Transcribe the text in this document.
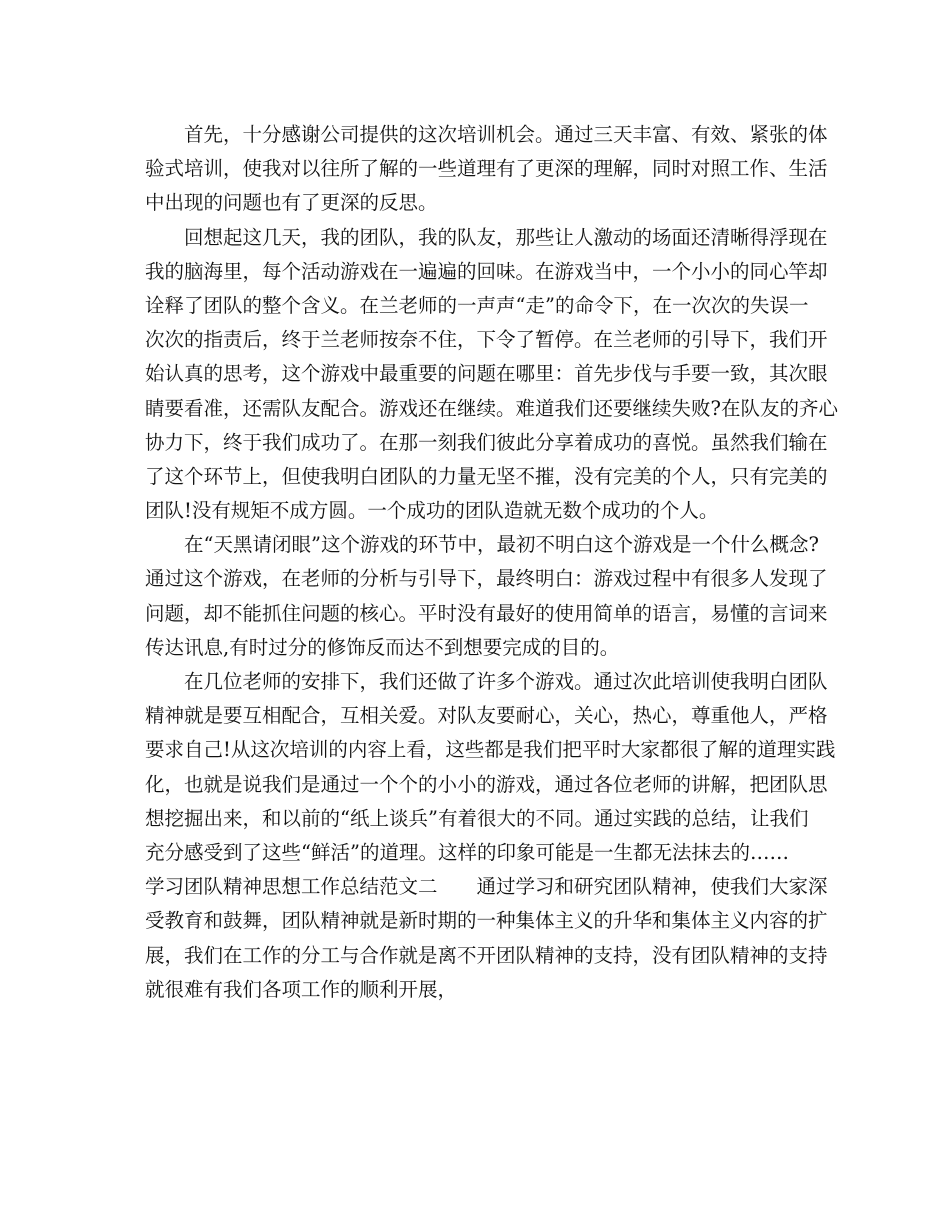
　　首先，十分感谢公司提供的这次培训机会。通过三天丰富、有效、紧张的体
验式培训，使我对以往所了解的一些道理有了更深的理解，同时对照工作、生活
中出现的问题也有了更深的反思。
　　回想起这几天，我的团队，我的队友，那些让人激动的场面还清晰得浮现在
我的脑海里，每个活动游戏在一遍遍的回味。在游戏当中，一个小小的同心竿却
诠释了团队的整个含义。在兰老师的一声声“走”的命令下，在一次次的失误一
次次的指责后，终于兰老师按奈不住，下令了暂停。在兰老师的引导下，我们开
始认真的思考，这个游戏中最重要的问题在哪里：首先步伐与手要一致，其次眼
睛要看准，还需队友配合。游戏还在继续。难道我们还要继续失败?在队友的齐心
协力下，终于我们成功了。在那一刻我们彼此分享着成功的喜悦。虽然我们输在
了这个环节上，但使我明白团队的力量无坚不摧，没有完美的个人，只有完美的
团队!没有规矩不成方圆。一个成功的团队造就无数个成功的个人。
　　在“天黑请闭眼”这个游戏的环节中，最初不明白这个游戏是一个什么概念?
通过这个游戏，在老师的分析与引导下，最终明白：游戏过程中有很多人发现了
问题，却不能抓住问题的核心。平时没有最好的使用简单的语言，易懂的言词来
传达讯息,有时过分的修饰反而达不到想要完成的目的。
　　在几位老师的安排下，我们还做了许多个游戏。通过次此培训使我明白团队
精神就是要互相配合，互相关爱。对队友要耐心，关心，热心，尊重他人，严格
要求自己!从这次培训的内容上看，这些都是我们把平时大家都很了解的道理实践
化，也就是说我们是通过一个个的小小的游戏，通过各位老师的讲解，把团队思
想挖掘出来，和以前的“纸上谈兵”有着很大的不同。通过实践的总结，让我们
充分感受到了这些“鲜活”的道理。这样的印象可能是一生都无法抹去的……
学习团队精神思想工作总结范文二　　通过学习和研究团队精神，使我们大家深
受教育和鼓舞，团队精神就是新时期的一种集体主义的升华和集体主义内容的扩
展，我们在工作的分工与合作就是离不开团队精神的支持，没有团队精神的支持
就很难有我们各项工作的顺利开展，
